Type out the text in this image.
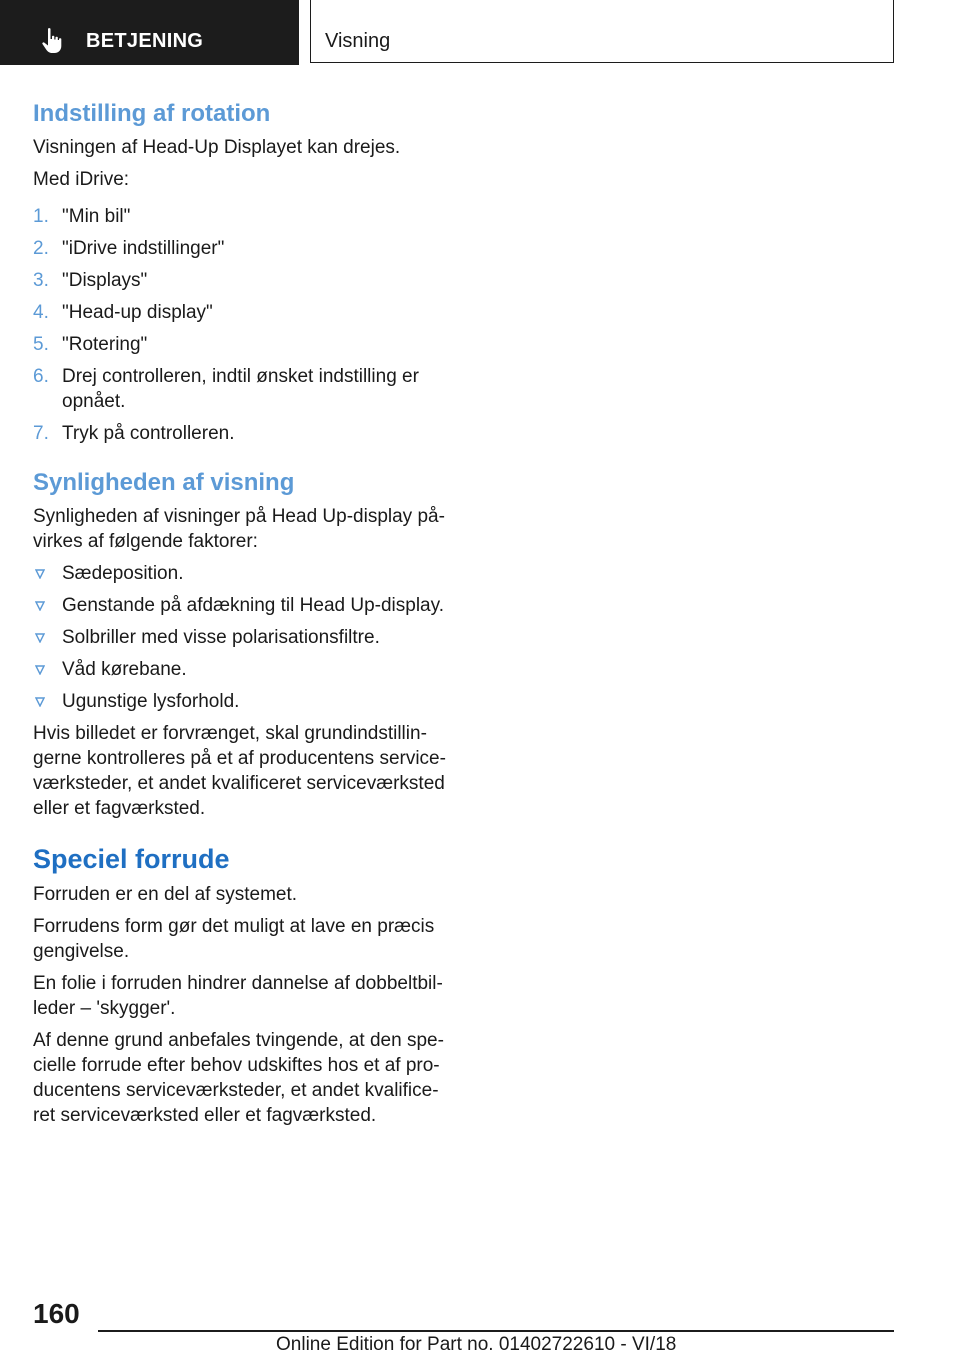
BETJENING	Visning
Indstilling af rotation

Visningen af Head-Up Displayet kan drejes.

Med iDrive:

1. "Min bil"
2. "iDrive indstillinger"
3. "Displays"
4. "Head-up display"
5. "Rotering"
6. Drej controlleren, indtil ønsket indstilling er opnået.
7. Tryk på controlleren.
Synligheden af visning

Synligheden af visninger på Head Up-display påvirkes af følgende faktorer:

Sædeposition.
Genstande på afdækning til Head Up-display.
Solbriller med visse polarisationsfiltre.
Våd kørebane.
Ugunstige lysforhold.

Hvis billedet er forvrænget, skal grundindstillingerne kontrolleres på et af producentens serviceværksteder, et andet kvalificeret serviceværksted eller et fagværksted.

Speciel forrude

Forruden er en del af systemet.

Forrudens form gør det muligt at lave en præcis gengivelse.

En folie i forruden hindrer dannelse af dobbeltbilleder – 'skygger'.

Af denne grund anbefales tvingende, at den specielle forrude efter behov udskiftes hos et af producentens serviceværksteder, et andet kvalificeret serviceværksted eller et fagværksted.

160
Online Edition for Part no. 01402722610 - VI/18
